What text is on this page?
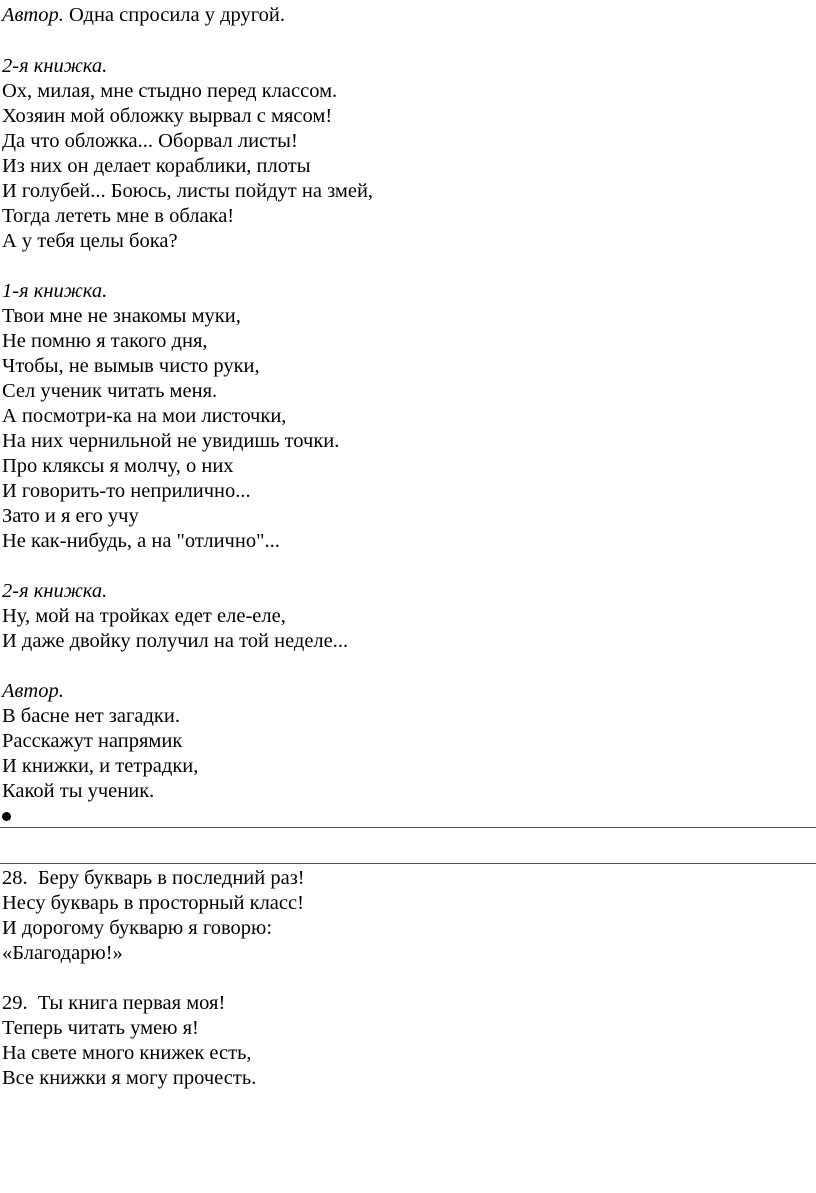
Автор. Одна спросила у другой.
2-я книжка.
Ох, милая, мне стыдно перед классом.
Хозяин мой обложку вырвал с мясом!
Да что обложка... Оборвал листы!
Из них он делает кораблики, плоты
И голубей... Боюсь, листы пойдут на змей,
Тогда лететь мне в облака!
А у тебя целы бока?
1-я книжка.
Твои мне не знакомы муки,
Не помню я такого дня,
Чтобы, не вымыв чисто руки,
Сел ученик читать меня.
А посмотри-ка на мои листочки,
На них чернильной не увидишь точки.
Про кляксы я молчу, о них
И говорить-то неприлично...
Зато и я его учу
Не как-нибудь, а на "отлично"...
2-я книжка.
Ну, мой на тройках едет еле-еле,
И даже двойку получил на той неделе...
Автор.
В басне нет загадки.
Расскажут напрямик
И книжки, и тетрадки,
Какой ты ученик.
28.  Беру букварь в последний раз!
Несу букварь в просторный класс!
И дорогому букварю я говорю:
«Благодарю!»
29.  Ты книга первая моя!
Теперь читать умею я!
На свете много книжек есть,
Все книжки я могу прочесть.
